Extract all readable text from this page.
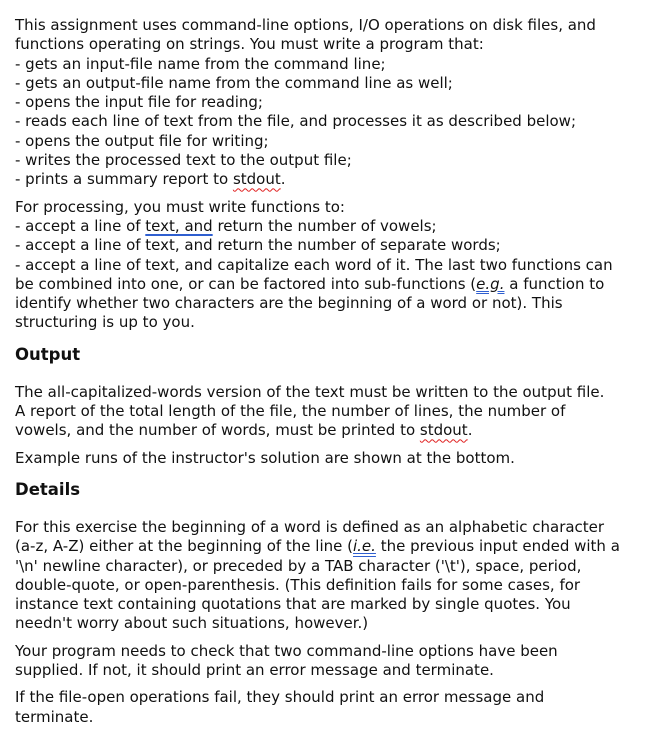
This assignment uses command-line options, I/O operations on disk files, and
functions operating on strings. You must write a program that:
- gets an input-file name from the command line;
- gets an output-file name from the command line as well;
- opens the input file for reading;
- reads each line of text from the file, and processes it as described below;
- opens the output file for writing;
- writes the processed text to the output file;
- prints a summary report to stdout.
For processing, you must write functions to:
- accept a line of text, and return the number of vowels;
- accept a line of text, and return the number of separate words;
- accept a line of text, and capitalize each word of it. The last two functions can
be combined into one, or can be factored into sub-functions (e.g. a function to
identify whether two characters are the beginning of a word or not). This
structuring is up to you.
Output
The all-capitalized-words version of the text must be written to the output file.
A report of the total length of the file, the number of lines, the number of
vowels, and the number of words, must be printed to stdout.
Example runs of the instructor's solution are shown at the bottom.
Details
For this exercise the beginning of a word is defined as an alphabetic character
(a-z, A-Z) either at the beginning of the line (i.e. the previous input ended with a
'\n' newline character), or preceded by a TAB character ('\t'), space, period,
double-quote, or open-parenthesis. (This definition fails for some cases, for
instance text containing quotations that are marked by single quotes. You
needn't worry about such situations, however.)
Your program needs to check that two command-line options have been
supplied. If not, it should print an error message and terminate.
If the file-open operations fail, they should print an error message and
terminate.
